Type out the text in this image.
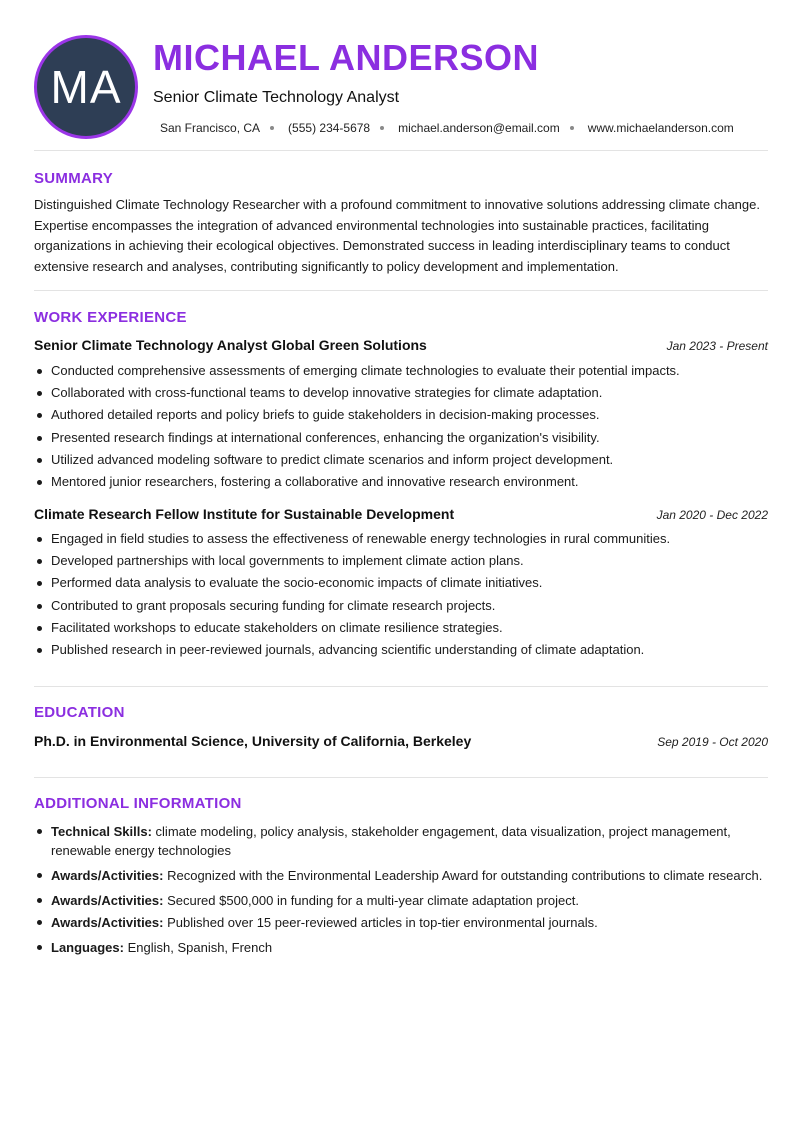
MA
MICHAEL ANDERSON
Senior Climate Technology Analyst
San Francisco, CA (555) 234-5678 michael.anderson@email.com www.michaelanderson.com
SUMMARY

Distinguished Climate Technology Researcher with a profound commitment to innovative solutions addressing climate change. Expertise encompasses the integration of advanced environmental technologies into sustainable practices, facilitating organizations in achieving their ecological objectives. Demonstrated success in leading interdisciplinary teams to conduct extensive research and analyses, contributing significantly to policy development and implementation.

WORK EXPERIENCE
Senior Climate Technology Analyst Global Green Solutions	Jan 2023 - Present
Conducted comprehensive assessments of emerging climate technologies to evaluate their potential impacts.
Collaborated with cross-functional teams to develop innovative strategies for climate adaptation.
Authored detailed reports and policy briefs to guide stakeholders in decision-making processes.
Presented research findings at international conferences, enhancing the organization's visibility.
Utilized advanced modeling software to predict climate scenarios and inform project development.
Mentored junior researchers, fostering a collaborative and innovative research environment.
Climate Research Fellow Institute for Sustainable Development	Jan 2020 - Dec 2022
Engaged in field studies to assess the effectiveness of renewable energy technologies in rural communities.
Developed partnerships with local governments to implement climate action plans.
Performed data analysis to evaluate the socio-economic impacts of climate initiatives.
Contributed to grant proposals securing funding for climate research projects.
Facilitated workshops to educate stakeholders on climate resilience strategies.
Published research in peer-reviewed journals, advancing scientific understanding of climate adaptation.
EDUCATION
Ph.D. in Environmental Science, University of California, Berkeley	Sep 2019 - Oct 2020
ADDITIONAL INFORMATION
Technical Skills: climate modeling, policy analysis, stakeholder engagement, data visualization, project management, renewable energy technologies
Awards/Activities: Recognized with the Environmental Leadership Award for outstanding contributions to climate research.
Awards/Activities: Secured $500,000 in funding for a multi-year climate adaptation project.
Awards/Activities: Published over 15 peer-reviewed articles in top-tier environmental journals.
Languages: English, Spanish, French
